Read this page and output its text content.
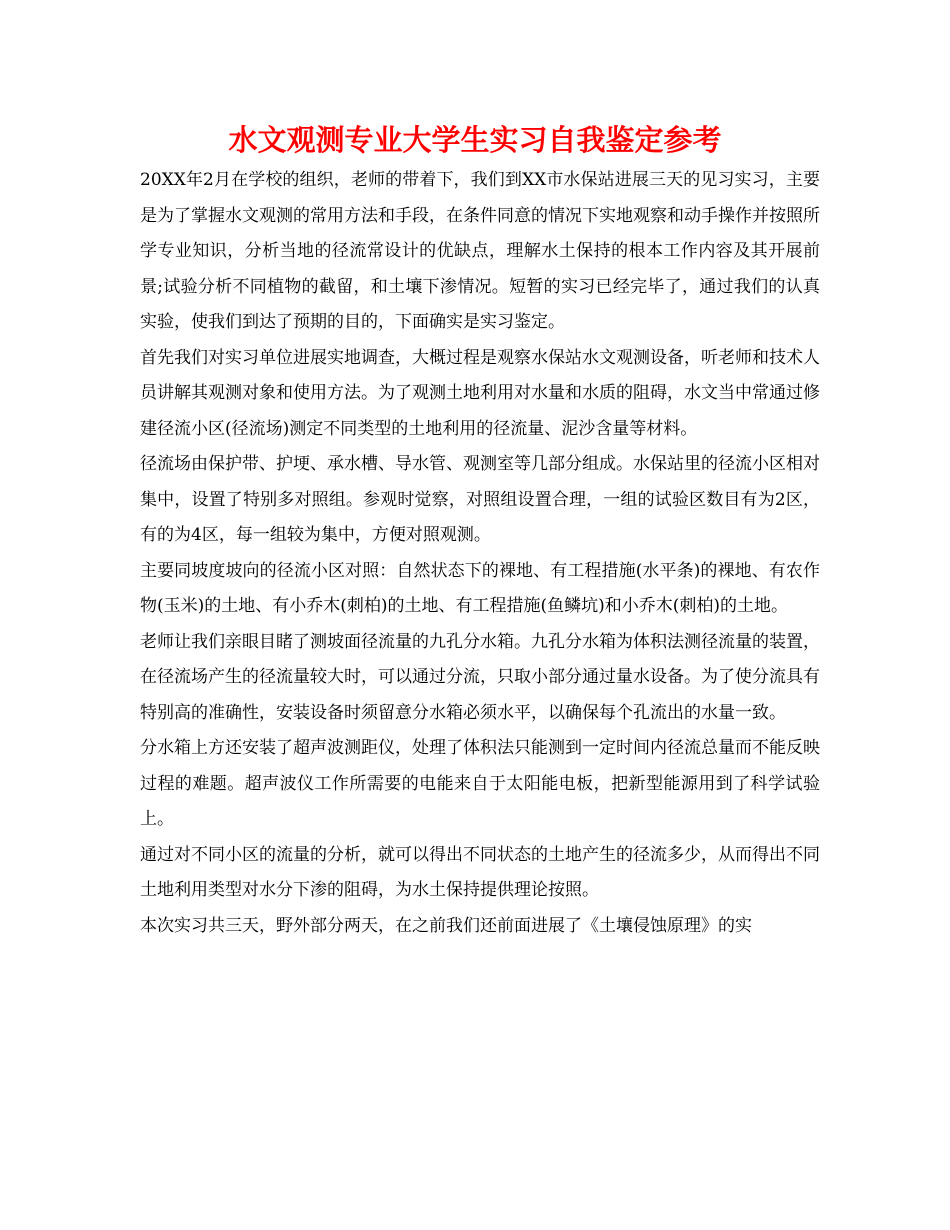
水文观测专业大学生实习自我鉴定参考

20XX年2月在学校的组织，老师的带着下，我们到XX市水保站进展三天的见习实习，主要是为了掌握水文观测的常用方法和手段，在条件同意的情况下实地观察和动手操作并按照所学专业知识，分析当地的径流常设计的优缺点，理解水土保持的根本工作内容及其开展前景;试验分析不同植物的截留，和土壤下渗情况。短暂的实习已经完毕了，通过我们的认真实验，使我们到达了预期的目的，下面确实是实习鉴定。

首先我们对实习单位进展实地调查，大概过程是观察水保站水文观测设备，听老师和技术人员讲解其观测对象和使用方法。为了观测土地利用对水量和水质的阻碍，水文当中常通过修建径流小区(径流场)测定不同类型的土地利用的径流量、泥沙含量等材料。

径流场由保护带、护埂、承水槽、导水管、观测室等几部分组成。水保站里的径流小区相对集中，设置了特别多对照组。参观时觉察，对照组设置合理，一组的试验区数目有为2区，有的为4区，每一组较为集中，方便对照观测。

主要同坡度坡向的径流小区对照：自然状态下的裸地、有工程措施(水平条)的裸地、有农作物(玉米)的土地、有小乔木(刺柏)的土地、有工程措施(鱼鳞坑)和小乔木(刺柏)的土地。

老师让我们亲眼目睹了测坡面径流量的九孔分水箱。九孔分水箱为体积法测径流量的装置，在径流场产生的径流量较大时，可以通过分流，只取小部分通过量水设备。为了使分流具有特别高的准确性，安装设备时须留意分水箱必须水平，以确保每个孔流出的水量一致。

分水箱上方还安装了超声波测距仪，处理了体积法只能测到一定时间内径流总量而不能反映过程的难题。超声波仪工作所需要的电能来自于太阳能电板，把新型能源用到了科学试验上。

通过对不同小区的流量的分析，就可以得出不同状态的土地产生的径流多少，从而得出不同土地利用类型对水分下渗的阻碍，为水土保持提供理论按照。

本次实习共三天，野外部分两天，在之前我们还前面进展了《土壤侵蚀原理》的实
